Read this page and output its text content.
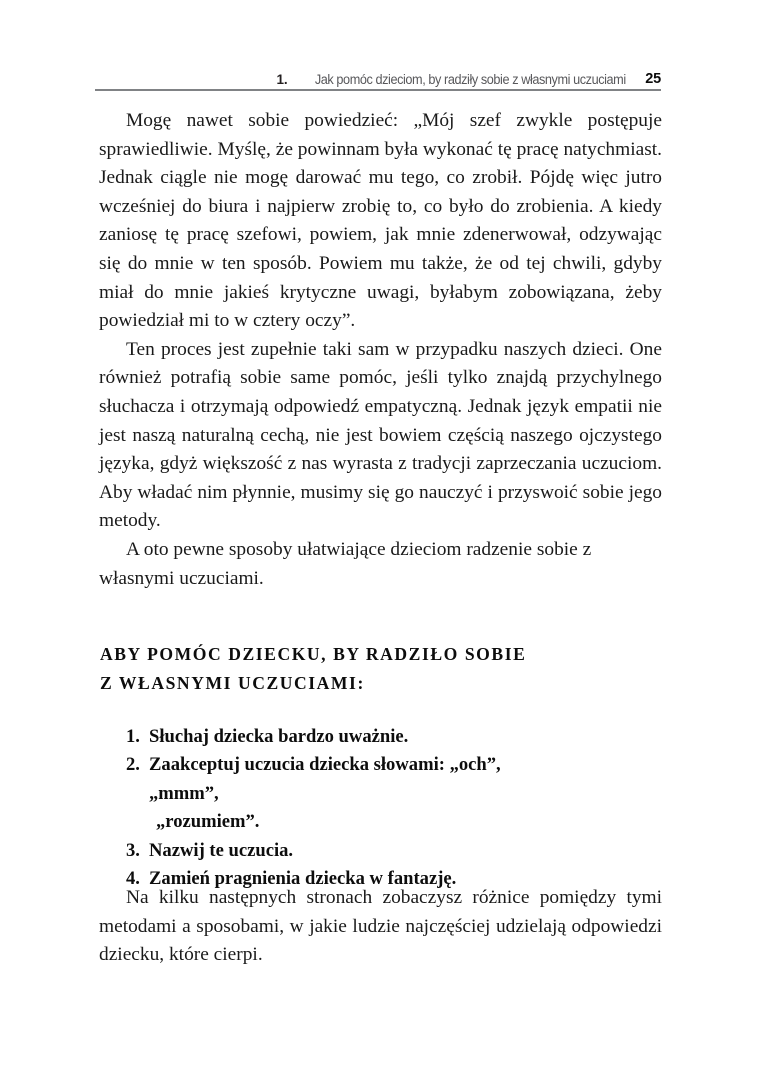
1. Jak pomóc dzieciom, by radziły sobie z własnymi uczuciami 25

Mogę nawet sobie powiedzieć: „Mój szef zwykle postępuje sprawiedliwie. Myślę, że powinnam była wykonać tę pracę natychmiast. Jednak ciągle nie mogę darować mu tego, co zrobił. Pójdę więc jutro wcześniej do biura i najpierw zrobię to, co było do zrobienia. A kiedy zaniosę tę pracę szefowi, powiem, jak mnie zdenerwował, odzywając się do mnie w ten sposób. Powiem mu także, że od tej chwili, gdyby miał do mnie jakieś krytyczne uwagi, byłabym zobowiązana, żeby powiedział mi to w cztery oczy”.

Ten proces jest zupełnie taki sam w przypadku naszych dzieci. One również potrafią sobie same pomóc, jeśli tylko znajdą przychylnego słuchacza i otrzymają odpowiedź empatyczną. Jednak język empatii nie jest naszą naturalną cechą, nie jest bowiem częścią naszego ojczystego języka, gdyż większość z nas wyrasta z tradycji zaprzeczania uczuciom. Aby władać nim płynnie, musimy się go nauczyć i przyswoić sobie jego metody.

A oto pewne sposoby ułatwiające dzieciom radzenie sobie z własnymi uczuciami.

ABY POMÓC DZIECKU, BY RADZIŁO SOBIE
Z WŁASNYMI UCZUCIAMI:
1. Słuchaj dziecka bardzo uważnie.
2. Zaakceptuj uczucia dziecka słowami: „och”, „mmm”,
„rozumiem”.
3. Nazwij te uczucia.
4. Zamień pragnienia dziecka w fantazję.

Na kilku następnych stronach zobaczysz różnice pomiędzy tymi metodami a sposobami, w jakie ludzie najczęściej udzielają odpowiedzi dziecku, które cierpi.
